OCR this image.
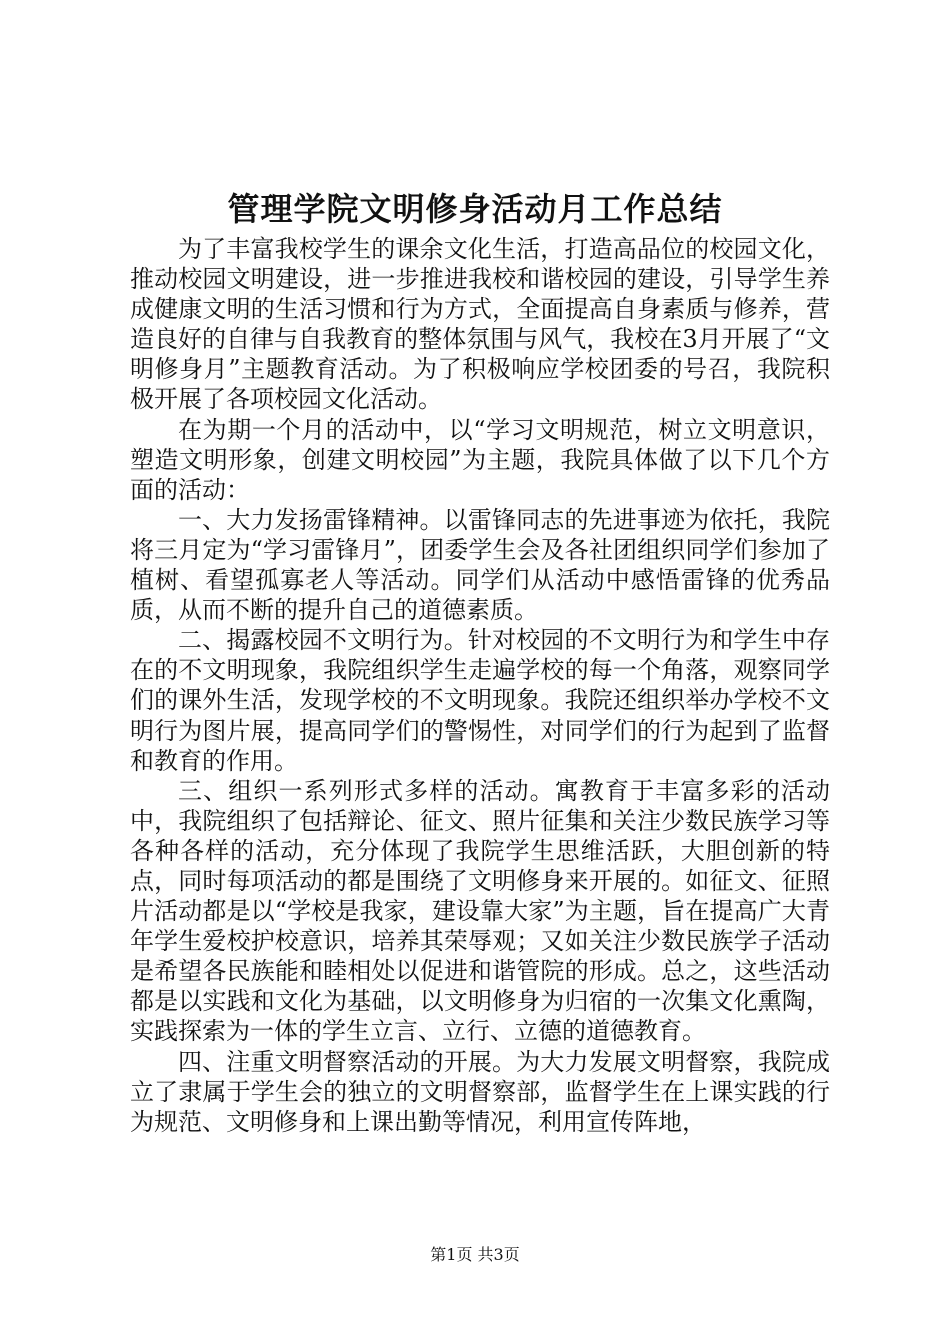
管理学院文明修身活动月工作总结

为了丰富我校学生的课余文化生活，打造高品位的校园文化，推动校园文明建设，进一步推进我校和谐校园的建设，引导学生养成健康文明的生活习惯和行为方式，全面提高自身素质与修养，营造良好的自律与自我教育的整体氛围与风气，我校在3月开展了“文明修身月”主题教育活动。为了积极响应学校团委的号召，我院积极开展了各项校园文化活动。

在为期一个月的活动中，以“学习文明规范，树立文明意识，塑造文明形象，创建文明校园”为主题，我院具体做了以下几个方面的活动：

一、大力发扬雷锋精神。以雷锋同志的先进事迹为依托，我院将三月定为“学习雷锋月”，团委学生会及各社团组织同学们参加了植树、看望孤寡老人等活动。同学们从活动中感悟雷锋的优秀品质，从而不断的提升自己的道德素质。

二、揭露校园不文明行为。针对校园的不文明行为和学生中存在的不文明现象，我院组织学生走遍学校的每一个角落，观察同学们的课外生活，发现学校的不文明现象。我院还组织举办学校不文明行为图片展，提高同学们的警惕性，对同学们的行为起到了监督和教育的作用。

三、组织一系列形式多样的活动。寓教育于丰富多彩的活动中，我院组织了包括辩论、征文、照片征集和关注少数民族学习等各种各样的活动，充分体现了我院学生思维活跃，大胆创新的特点，同时每项活动的都是围绕了文明修身来开展的。如征文、征照片活动都是以“学校是我家，建设靠大家”为主题，旨在提高广大青年学生爱校护校意识，培养其荣辱观；又如关注少数民族学子活动是希望各民族能和睦相处以促进和谐管院的形成。总之，这些活动都是以实践和文化为基础，以文明修身为归宿的一次集文化熏陶，实践探索为一体的学生立言、立行、立德的道德教育。

四、注重文明督察活动的开展。为大力发展文明督察，我院成立了隶属于学生会的独立的文明督察部，监督学生在上课实践的行为规范、文明修身和上课出勤等情况，利用宣传阵地，

第1页 共3页
